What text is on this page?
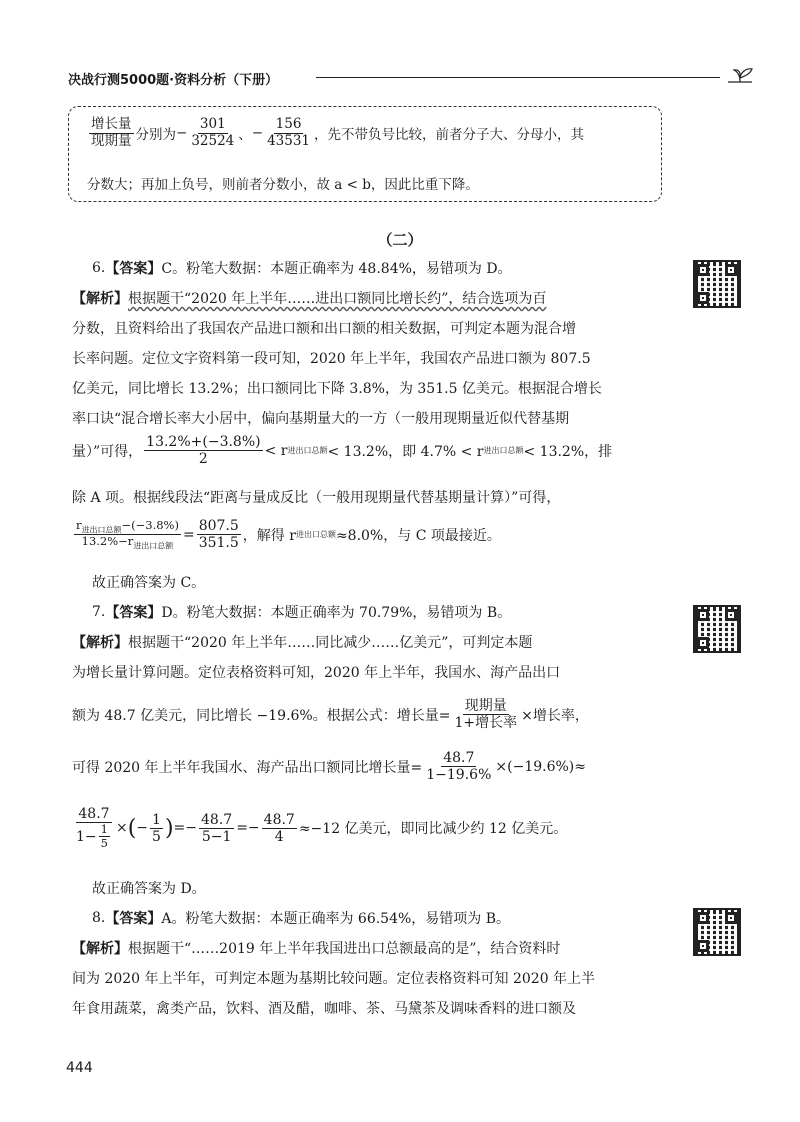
决战行测5000题·资料分析（下册）
$\frac{\text{增长量}}{\text{现期量}}$ 分别为 − $\frac{301}{32524}$ 、 − $\frac{156}{43531}$ ，先不带负号比较，前者分子大、分母小，其
分数大；再加上负号，则前者分数小，故 a < b，因此比重下降。
（二）
6. 【答案】 C。粉笔大数据：本题正确率为 48.84%，易错项为 D。
【解析】 根据题干“2020 年上半年……进出口额同比增长约”，结合选项为百
分数，且资料给出了我国农产品进口额和出口额的相关数据，可判定本题为混合增
长率问题。定位文字资料第一段可知，2020 年上半年，我国农产品进口额为 807.5
亿美元，同比增长 13.2%；出口额同比下降 3.8%，为 351.5 亿美元。根据混合增长
率口诀“混合增长率大小居中，偏向基期量大的一方（一般用现期量近似代替基期
量）”可得， $\frac{13.2\%+(-3.8\%)}{2} < r$ 进出口总额 < 13.2%，即 4.7% < r 进出口总额 < 13.2%，排
除 A 项。根据线段法“距离与量成反比（一般用现期量代替基期量计算）”可得，
$\frac{r_{进出口总额}-(-3.8\%)}{13.2\%-r_{进出口总额}} = \frac{807.5}{351.5}$ ，解得 r 进出口总额 ≈8.0%，与 C 项最接近。
故正确答案为 C。
7. 【答案】 D。粉笔大数据：本题正确率为 70.79%，易错项为 B。
【解析】 根据题干“2020 年上半年……同比减少……亿美元”，可判定本题
为增长量计算问题。定位表格资料可知，2020 年上半年，我国水、海产品出口
额为 48.7 亿美元，同比增长 −19.6%。根据公式：增长量= $\frac{\text{现期量}}{\text{1+增长率}}$ ×增长率，
可得 2020 年上半年我国水、海产品出口额同比增长量= $\frac{48.7}{1-19.6\%} \times(-19.6\%)\approx$
$\frac{48.7}{1- \frac{1}{5}}$ × ( − $\frac{1}{5}$ ) =− $\frac{48.7}{5-1} =- \frac{48.7}{4} \approx-12$ 亿美元，即同比减少约 12 亿美元。
故正确答案为 D。
8. 【答案】 A。粉笔大数据：本题正确率为 66.54%，易错项为 B。
【解析】 根据题干“……2019 年上半年我国进出口总额最高的是”，结合资料时
间为 2020 年上半年，可判定本题为基期比较问题。定位表格资料可知 2020 年上半
年食用蔬菜，禽类产品，饮料、酒及醋，咖啡、茶、马黛茶及调味香料的进口额及
444
